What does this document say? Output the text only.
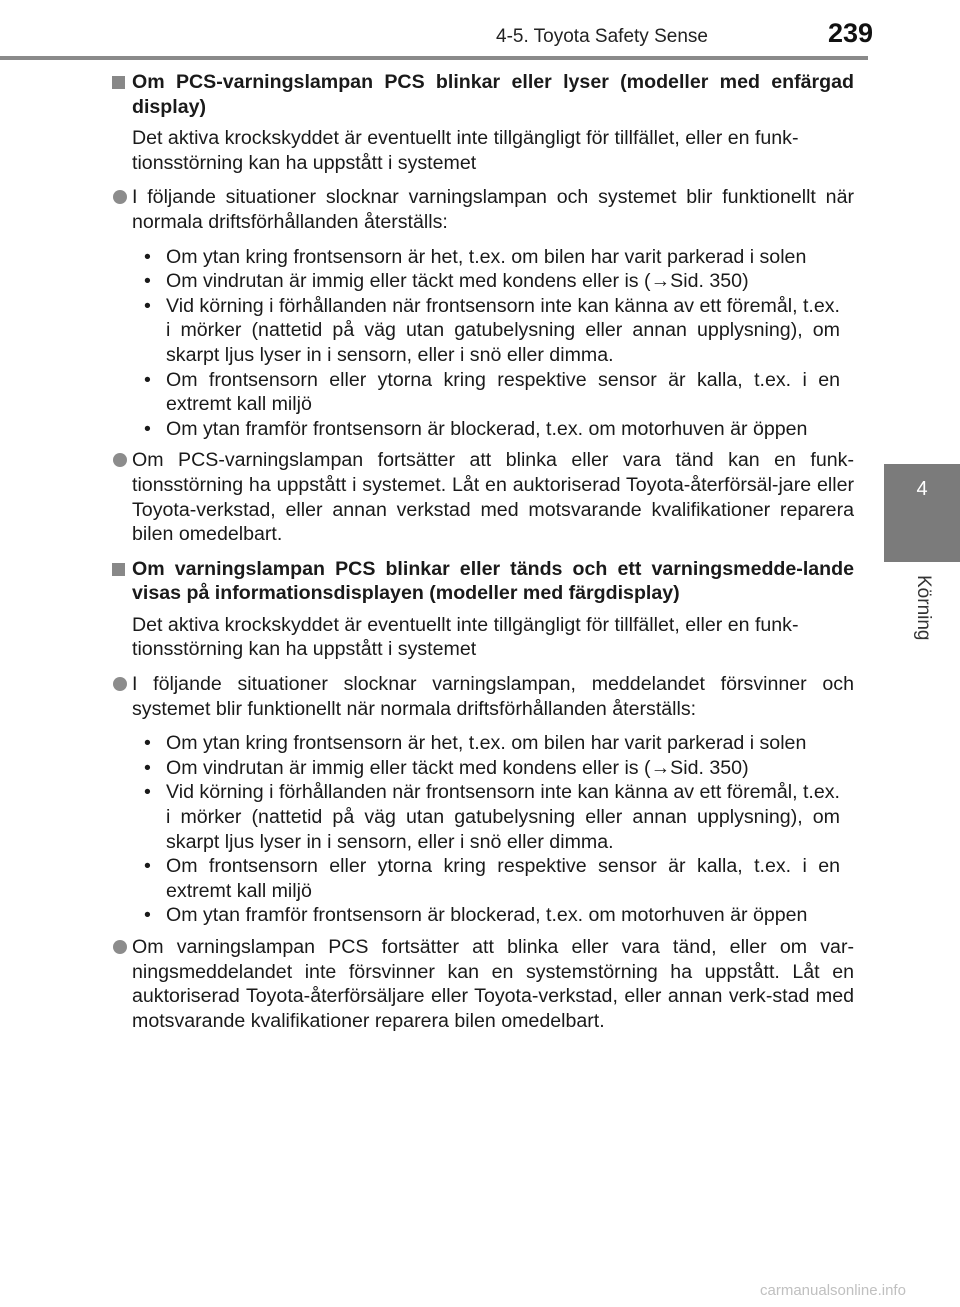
4-5. Toyota Safety Sense	239
4
Körning
Om PCS-varningslampan PCS blinkar eller lyser (modeller med enfärgad display)
Det aktiva krockskyddet är eventuellt inte tillgängligt för tillfället, eller en funk-tionsstörning kan ha uppstått i systemet
I följande situationer slocknar varningslampan och systemet blir funktionellt när normala driftsförhållanden återställs:
• Om ytan kring frontsensorn är het, t.ex. om bilen har varit parkerad i solen
• Om vindrutan är immig eller täckt med kondens eller is (→Sid. 350)
• Vid körning i förhållanden när frontsensorn inte kan känna av ett föremål, t.ex. i mörker (nattetid på väg utan gatubelysning eller annan upplysning), om skarpt ljus lyser in i sensorn, eller i snö eller dimma.
• Om frontsensorn eller ytorna kring respektive sensor är kalla, t.ex. i en extremt kall miljö
• Om ytan framför frontsensorn är blockerad, t.ex. om motorhuven är öppen
Om PCS-varningslampan fortsätter att blinka eller vara tänd kan en funk-tionsstörning ha uppstått i systemet. Låt en auktoriserad Toyota-återförsäl-jare eller Toyota-verkstad, eller annan verkstad med motsvarande kvalifikationer reparera bilen omedelbart.
Om varningslampan PCS blinkar eller tänds och ett varningsmedde-lande visas på informationsdisplayen (modeller med färgdisplay)
Det aktiva krockskyddet är eventuellt inte tillgängligt för tillfället, eller en funk-tionsstörning kan ha uppstått i systemet
I följande situationer slocknar varningslampan, meddelandet försvinner och systemet blir funktionellt när normala driftsförhållanden återställs:
• Om ytan kring frontsensorn är het, t.ex. om bilen har varit parkerad i solen
• Om vindrutan är immig eller täckt med kondens eller is (→Sid. 350)
• Vid körning i förhållanden när frontsensorn inte kan känna av ett föremål, t.ex. i mörker (nattetid på väg utan gatubelysning eller annan upplysning), om skarpt ljus lyser in i sensorn, eller i snö eller dimma.
• Om frontsensorn eller ytorna kring respektive sensor är kalla, t.ex. i en extremt kall miljö
• Om ytan framför frontsensorn är blockerad, t.ex. om motorhuven är öppen
Om varningslampan PCS fortsätter att blinka eller vara tänd, eller om var-ningsmeddelandet inte försvinner kan en systemstörning ha uppstått. Låt en auktoriserad Toyota-återförsäljare eller Toyota-verkstad, eller annan verk-stad med motsvarande kvalifikationer reparera bilen omedelbart.
carmanualsonline.info
